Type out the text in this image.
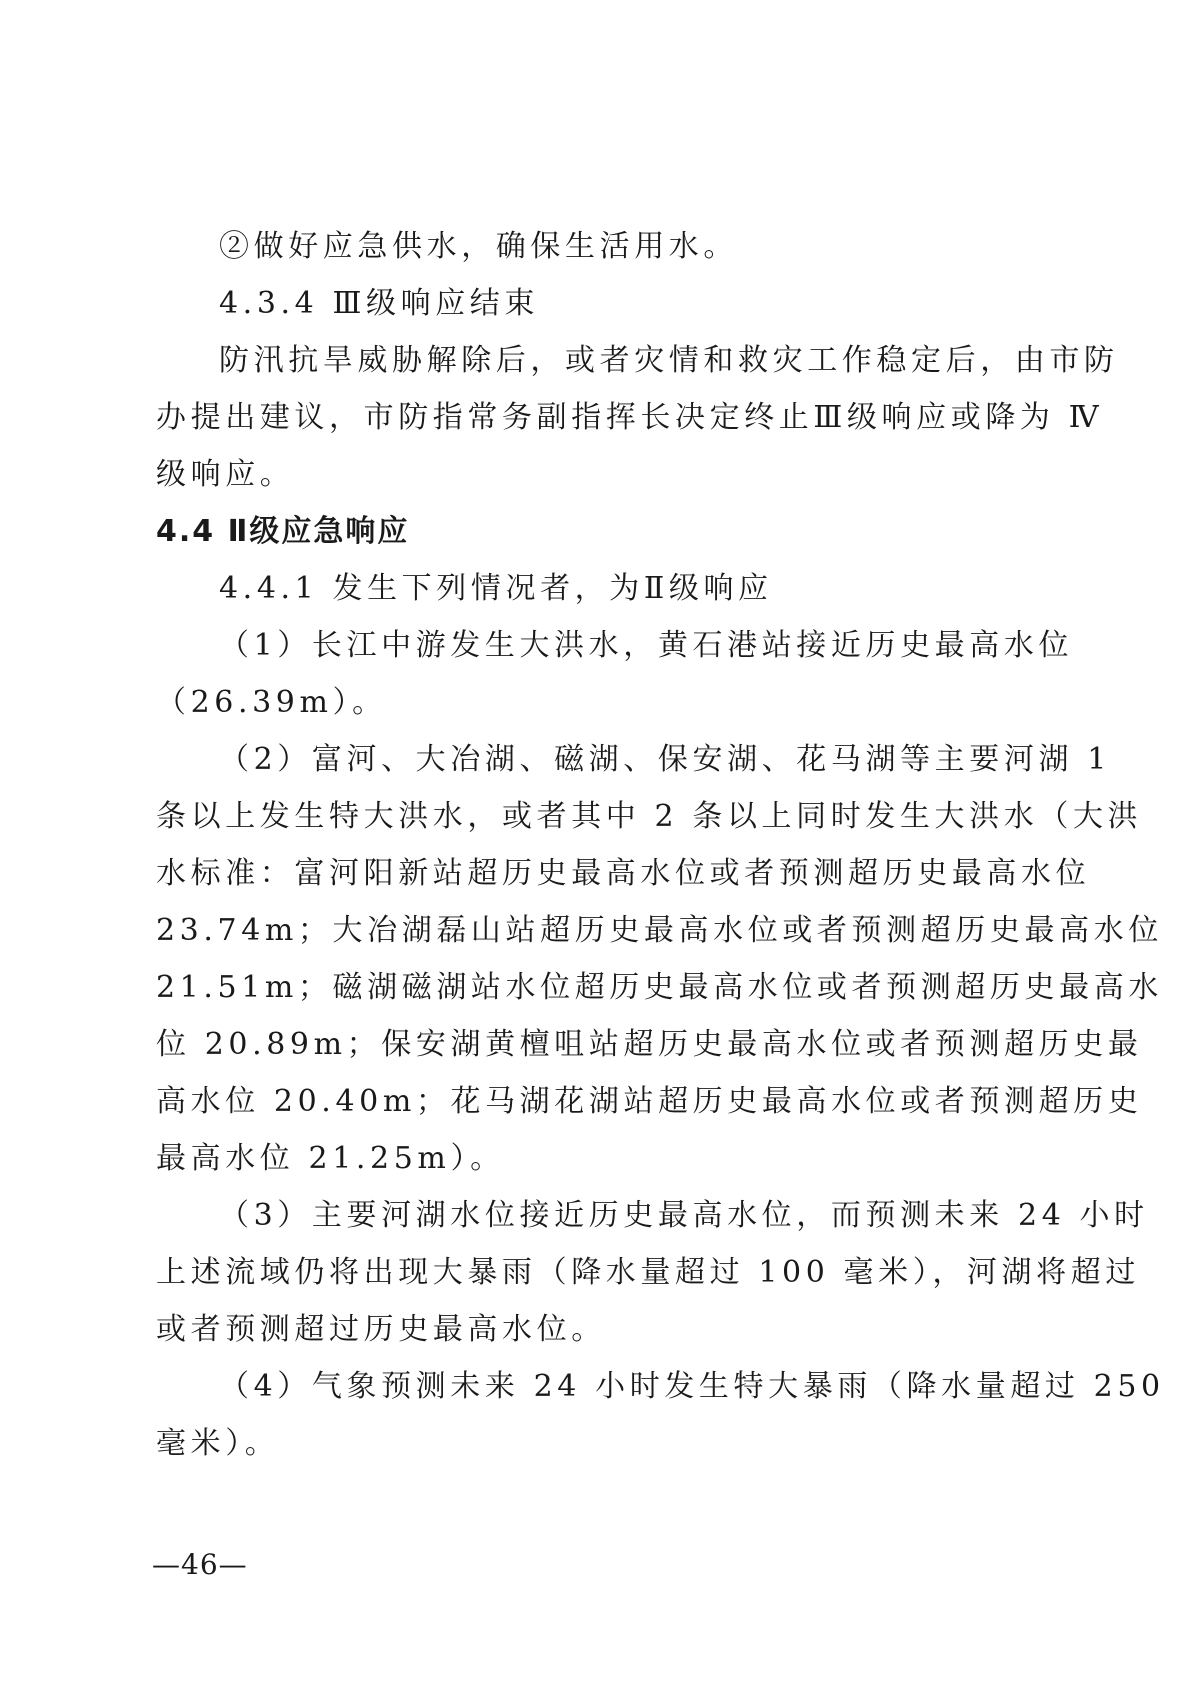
②做好应急供水，确保生活用水。

4.3.4 Ⅲ级响应结束

防汛抗旱威胁解除后，或者灾情和救灾工作稳定后，由市防

办提出建议，市防指常务副指挥长决定终止Ⅲ级响应或降为 Ⅳ

级响应。

4.4 Ⅱ级应急响应

4.4.1 发生下列情况者，为Ⅱ级响应

（1）长江中游发生大洪水，黄石港站接近历史最高水位

（26.39m）。

（2）富河、大冶湖、磁湖、保安湖、花马湖等主要河湖 1

条以上发生特大洪水，或者其中 2 条以上同时发生大洪水（大洪

水标准：富河阳新站超历史最高水位或者预测超历史最高水位

23.74m；大冶湖磊山站超历史最高水位或者预测超历史最高水位

21.51m；磁湖磁湖站水位超历史最高水位或者预测超历史最高水

位 20.89m；保安湖黄檀咀站超历史最高水位或者预测超历史最

高水位 20.40m；花马湖花湖站超历史最高水位或者预测超历史

最高水位 21.25m）。

（3）主要河湖水位接近历史最高水位，而预测未来 24 小时

上述流域仍将出现大暴雨（降水量超过 100 毫米），河湖将超过

或者预测超过历史最高水位。

（4）气象预测未来 24 小时发生特大暴雨（降水量超过 250

毫米）。

—46—
